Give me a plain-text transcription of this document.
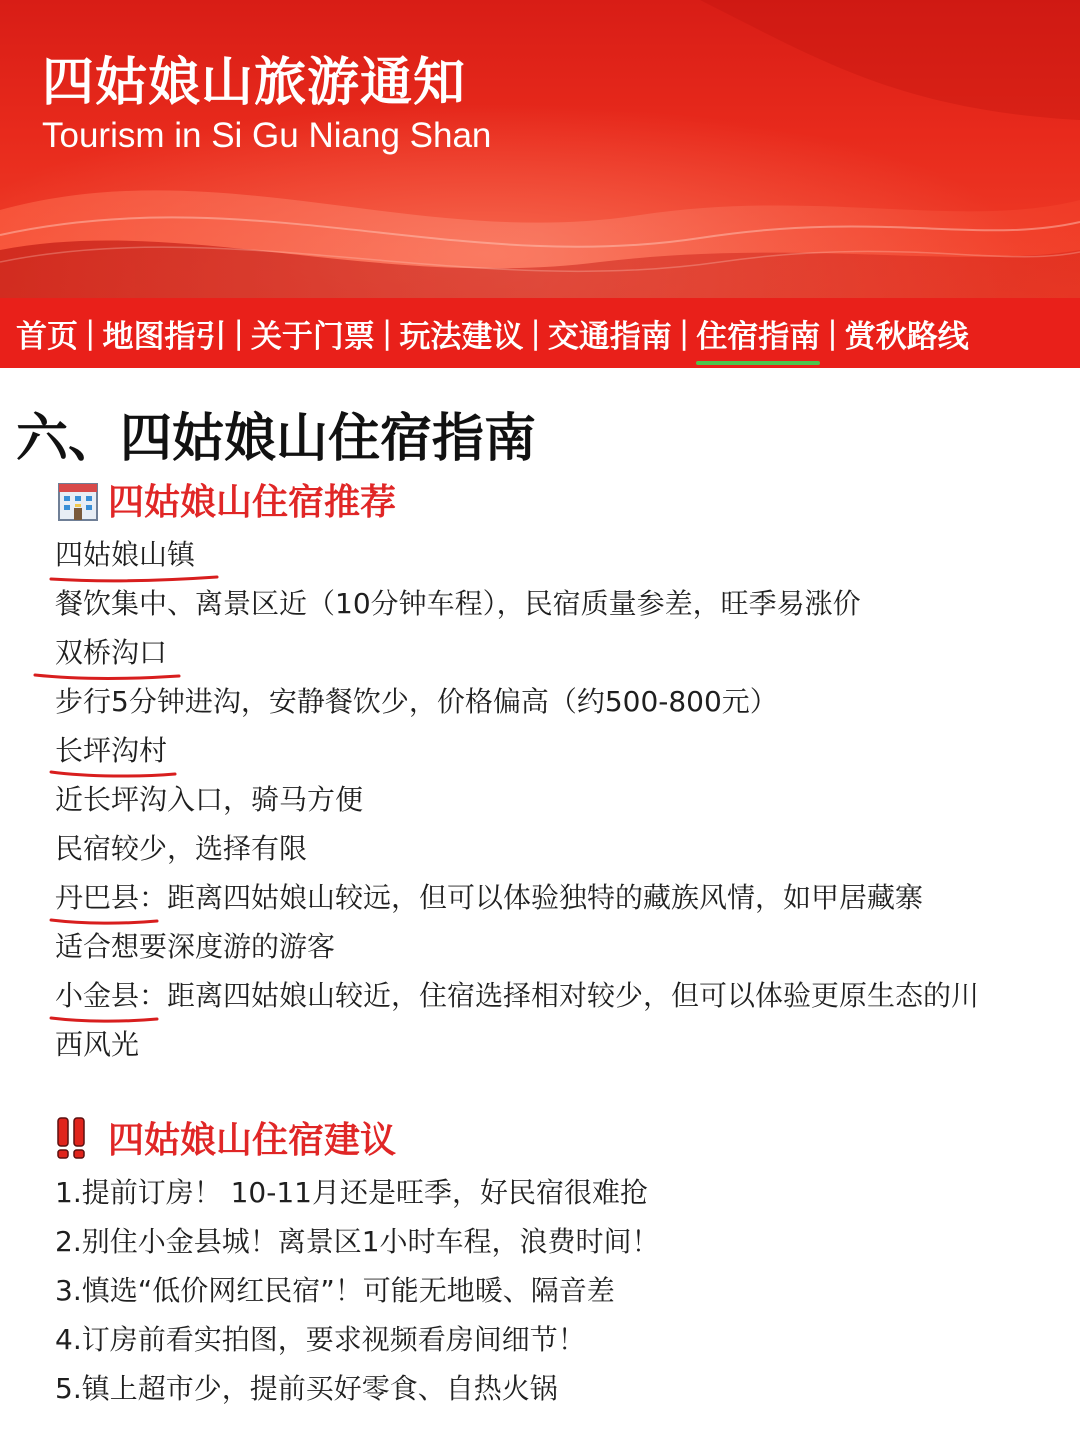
四姑娘山旅游通知
Tourism in Si Gu Niang Shan
首页 | 地图指引 | 关于门票 | 玩法建议 | 交通指南 | 住宿指南 | 赏秋路线
六、四姑娘山住宿指南
四姑娘山住宿推荐
四姑娘山镇
餐饮集中、离景区近（10分钟车程），民宿质量参差，旺季易涨价
双桥沟口
步行5分钟进沟，安静餐饮少，价格偏高（约500-800元）
长坪沟村
近长坪沟入口，骑马方便
民宿较少，选择有限
丹巴县：
距离四姑娘山较远，但可以体验独特的藏族风情，如甲居藏寨
适合想要深度游的游客
小金县：
距离四姑娘山较近，住宿选择相对较少，但可以体验更原生态的川
西风光
四姑娘山住宿建议
1.提前订房！ 10-11月还是旺季，好民宿很难抢
2.别住小金县城！离景区1小时车程，浪费时间！
3.慎选“低价网红民宿”！可能无地暖、隔音差
4.订房前看实拍图，要求视频看房间细节！
5.镇上超市少，提前买好零食、自热火锅
